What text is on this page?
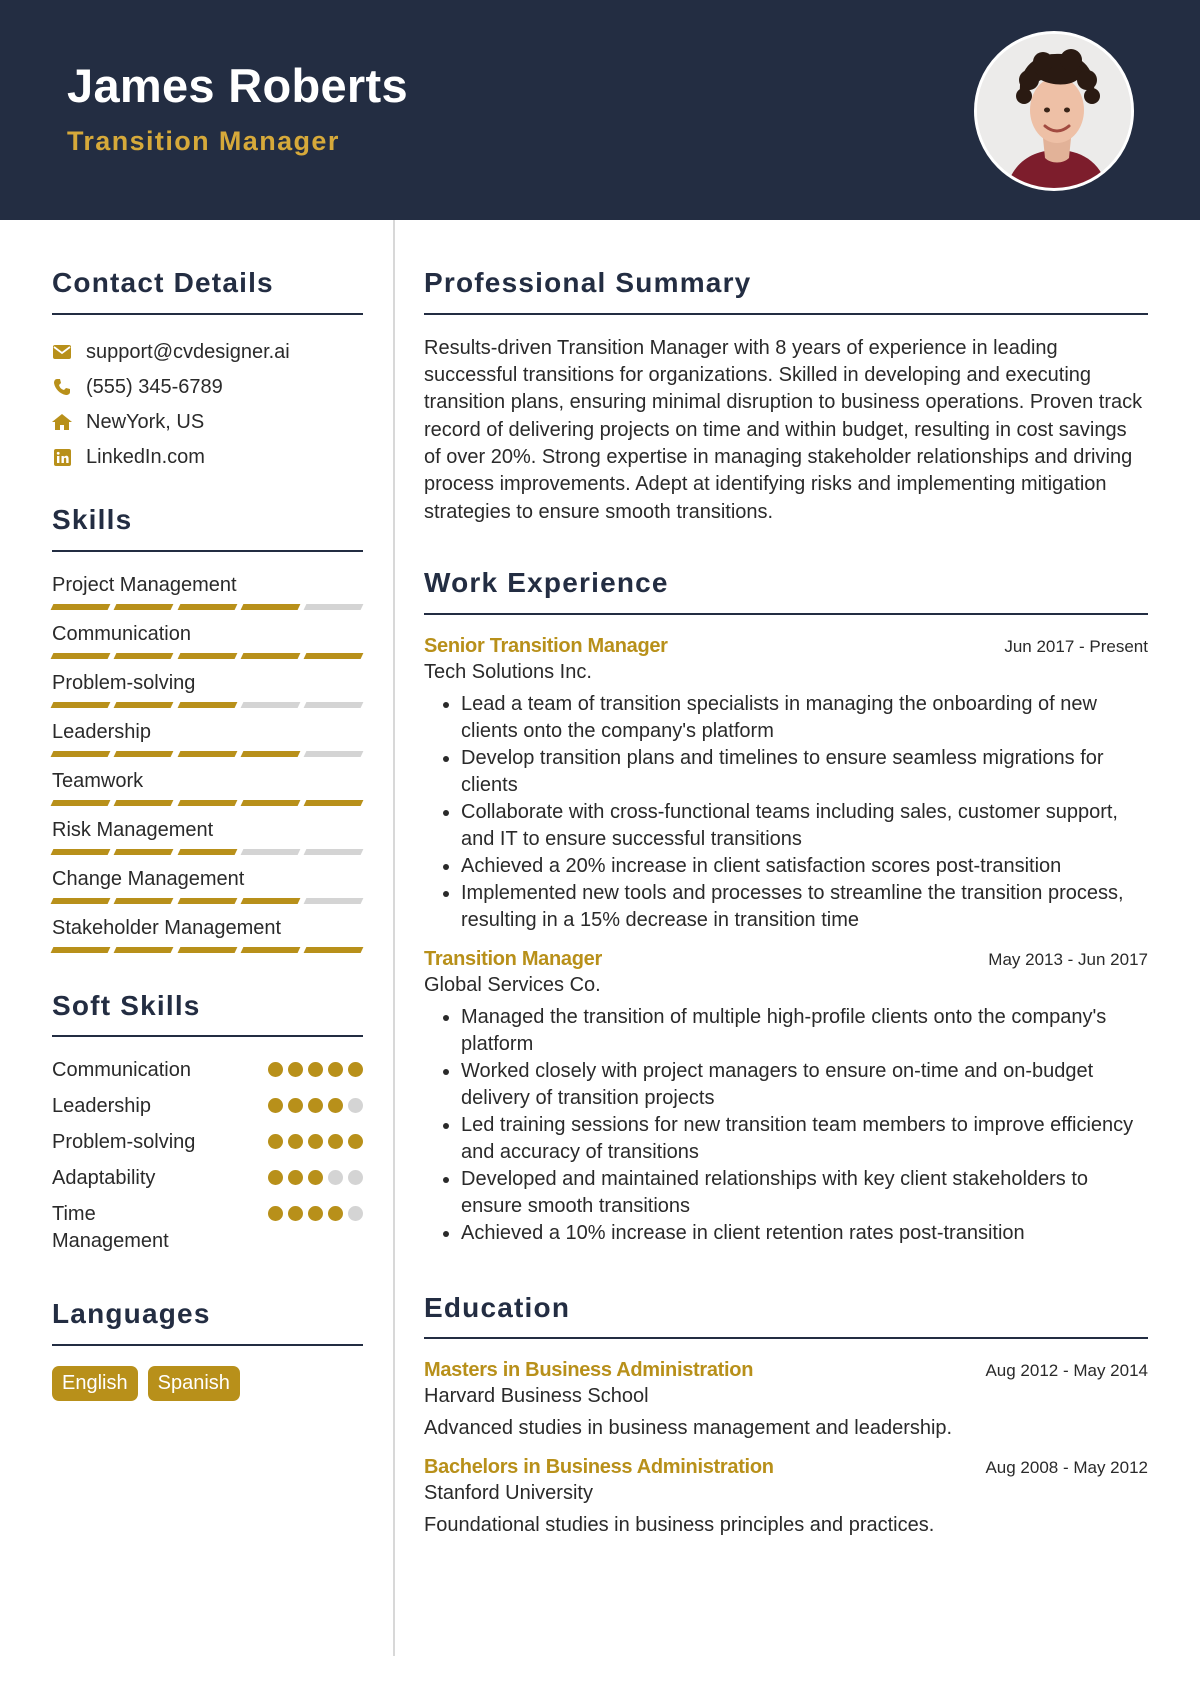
James Roberts
Transition Manager
Contact Details
support@cvdesigner.ai
(555) 345-6789
NewYork, US
LinkedIn.com
Skills
Project Management
Communication
Problem-solving
Leadership
Teamwork
Risk Management
Change Management
Stakeholder Management
Soft Skills
Communication
Leadership
Problem-solving
Adaptability
Time Management
Languages
English	Spanish
Professional Summary
Results-driven Transition Manager with 8 years of experience in leading successful transitions for organizations. Skilled in developing and executing transition plans, ensuring minimal disruption to business operations. Proven track record of delivering projects on time and within budget, resulting in cost savings of over 20%. Strong expertise in managing stakeholder relationships and driving process improvements. Adept at identifying risks and implementing mitigation strategies to ensure smooth transitions.
Work Experience
Senior Transition Manager	Jun 2017 - Present
Tech Solutions Inc.
• Lead a team of transition specialists in managing the onboarding of new clients onto the company's platform
• Develop transition plans and timelines to ensure seamless migrations for clients
• Collaborate with cross-functional teams including sales, customer support, and IT to ensure successful transitions
• Achieved a 20% increase in client satisfaction scores post-transition
• Implemented new tools and processes to streamline the transition process, resulting in a 15% decrease in transition time
Transition Manager	May 2013 - Jun 2017
Global Services Co.
• Managed the transition of multiple high-profile clients onto the company's platform
• Worked closely with project managers to ensure on-time and on-budget delivery of transition projects
• Led training sessions for new transition team members to improve efficiency and accuracy of transitions
• Developed and maintained relationships with key client stakeholders to ensure smooth transitions
• Achieved a 10% increase in client retention rates post-transition
Education
Masters in Business Administration	Aug 2012 - May 2014
Harvard Business School
Advanced studies in business management and leadership.
Bachelors in Business Administration	Aug 2008 - May 2012
Stanford University
Foundational studies in business principles and practices.
